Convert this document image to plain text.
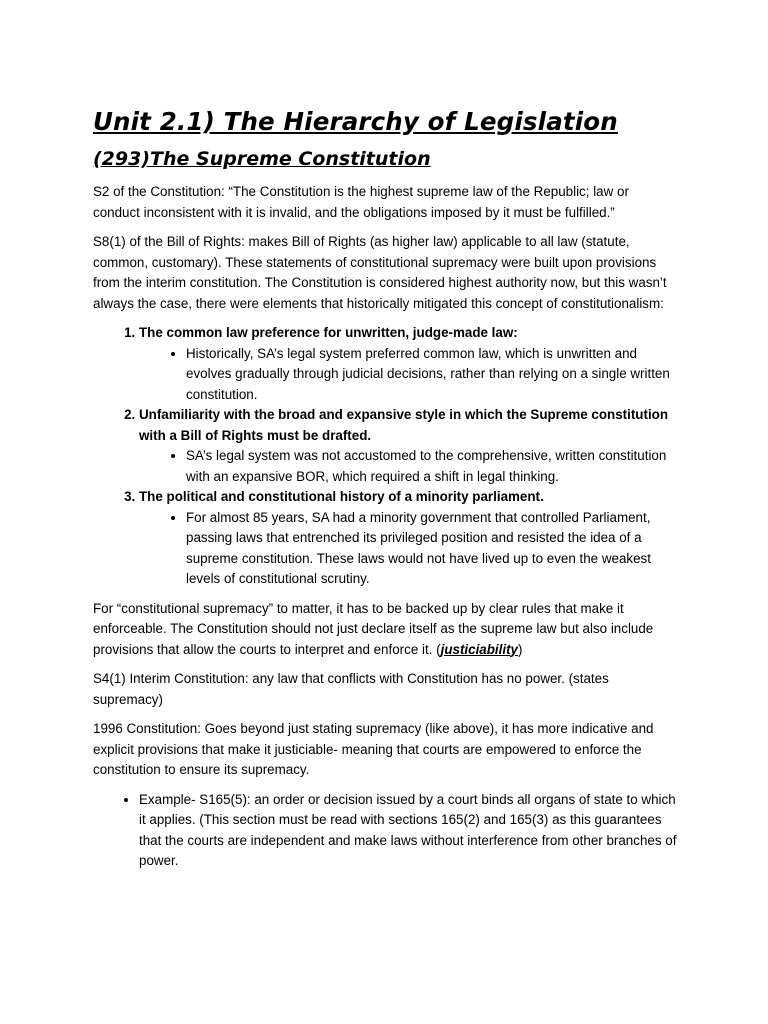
Unit 2.1) The Hierarchy of Legislation
(293)The Supreme Constitution

S2 of the Constitution: “The Constitution is the highest supreme law of the Republic; law or conduct inconsistent with it is invalid, and the obligations imposed by it must be fulfilled.”

S8(1) of the Bill of Rights: makes Bill of Rights (as higher law) applicable to all law (statute, common, customary). These statements of constitutional supremacy were built upon provisions from the interim constitution. The Constitution is considered highest authority now, but this wasn’t always the case, there were elements that historically mitigated this concept of constitutionalism:

1. The common law preference for unwritten, judge-made law:
• Historically, SA’s legal system preferred common law, which is unwritten and evolves gradually through judicial decisions, rather than relying on a single written constitution.
2. Unfamiliarity with the broad and expansive style in which the Supreme constitution with a Bill of Rights must be drafted.
• SA’s legal system was not accustomed to the comprehensive, written constitution with an expansive BOR, which required a shift in legal thinking.
3. The political and constitutional history of a minority parliament.
• For almost 85 years, SA had a minority government that controlled Parliament, passing laws that entrenched its privileged position and resisted the idea of a supreme constitution. These laws would not have lived up to even the weakest levels of constitutional scrutiny.

For “constitutional supremacy” to matter, it has to be backed up by clear rules that make it enforceable. The Constitution should not just declare itself as the supreme law but also include provisions that allow the courts to interpret and enforce it. (justiciability)

S4(1) Interim Constitution: any law that conflicts with Constitution has no power. (states supremacy)

1996 Constitution: Goes beyond just stating supremacy (like above), it has more indicative and explicit provisions that make it justiciable- meaning that courts are empowered to enforce the constitution to ensure its supremacy.

• Example- S165(5): an order or decision issued by a court binds all organs of state to which it applies. (This section must be read with sections 165(2) and 165(3) as this guarantees that the courts are independent and make laws without interference from other branches of power.
